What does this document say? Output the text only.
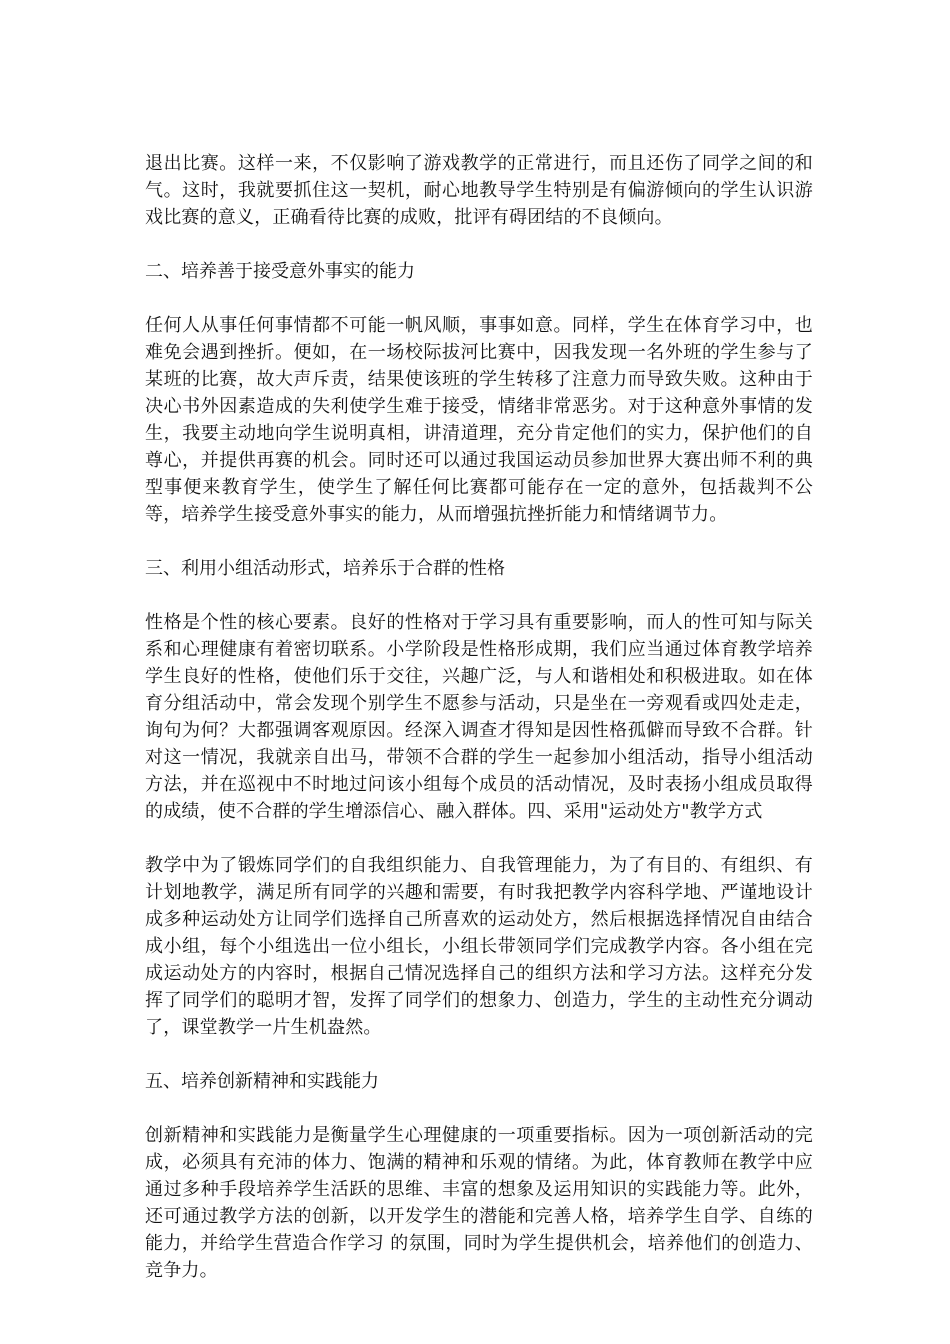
退出比赛。这样一来，不仅影响了游戏教学的正常进行，而且还伤了同学之间的和气。这时，我就要抓住这一契机，耐心地教导学生特别是有偏游倾向的学生认识游戏比赛的意义，正确看待比赛的成败，批评有碍团结的不良倾向。

二、培养善于接受意外事实的能力

任何人从事任何事情都不可能一帆风顺，事事如意。同样，学生在体育学习中，也难免会遇到挫折。便如，在一场校际拔河比赛中，因我发现一名外班的学生参与了某班的比赛，故大声斥责，结果使该班的学生转移了注意力而导致失败。这种由于决心书外因素造成的失利使学生难于接受，情绪非常恶劣。对于这种意外事情的发生，我要主动地向学生说明真相，讲清道理，充分肯定他们的实力，保护他们的自尊心，并提供再赛的机会。同时还可以通过我国运动员参加世界大赛出师不利的典型事便来教育学生，使学生了解任何比赛都可能存在一定的意外，包括裁判不公等，培养学生接受意外事实的能力，从而增强抗挫折能力和情绪调节力。

三、利用小组活动形式，培养乐于合群的性格

性格是个性的核心要素。良好的性格对于学习具有重要影响，而人的性可知与际关系和心理健康有着密切联系。小学阶段是性格形成期，我们应当通过体育教学培养学生良好的性格，使他们乐于交往，兴趣广泛，与人和谐相处和积极进取。如在体育分组活动中，常会发现个别学生不愿参与活动，只是坐在一旁观看或四处走走，询句为何？大都强调客观原因。经深入调查才得知是因性格孤僻而导致不合群。针对这一情况，我就亲自出马，带领不合群的学生一起参加小组活动，指导小组活动方法，并在巡视中不时地过问该小组每个成员的活动情况，及时表扬小组成员取得的成绩，使不合群的学生增添信心、融入群体。四、采用"运动处方"教学方式

教学中为了锻炼同学们的自我组织能力、自我管理能力，为了有目的、有组织、有计划地教学，满足所有同学的兴趣和需要，有时我把教学内容科学地、严谨地设计成多种运动处方让同学们选择自己所喜欢的运动处方，然后根据选择情况自由结合成小组，每个小组选出一位小组长，小组长带领同学们完成教学内容。各小组在完成运动处方的内容时，根据自己情况选择自己的组织方法和学习方法。这样充分发挥了同学们的聪明才智，发挥了同学们的想象力、创造力，学生的主动性充分调动了，课堂教学一片生机盎然。

五、培养创新精神和实践能力

创新精神和实践能力是衡量学生心理健康的一项重要指标。因为一项创新活动的完成，必须具有充沛的体力、饱满的精神和乐观的情绪。为此，体育教师在教学中应通过多种手段培养学生活跃的思维、丰富的想象及运用知识的实践能力等。此外，还可通过教学方法的创新，以开发学生的潜能和完善人格，培养学生自学、自练的能力，并给学生营造合作学习 的氛围，同时为学生提供机会，培养他们的创造力、竞争力。
